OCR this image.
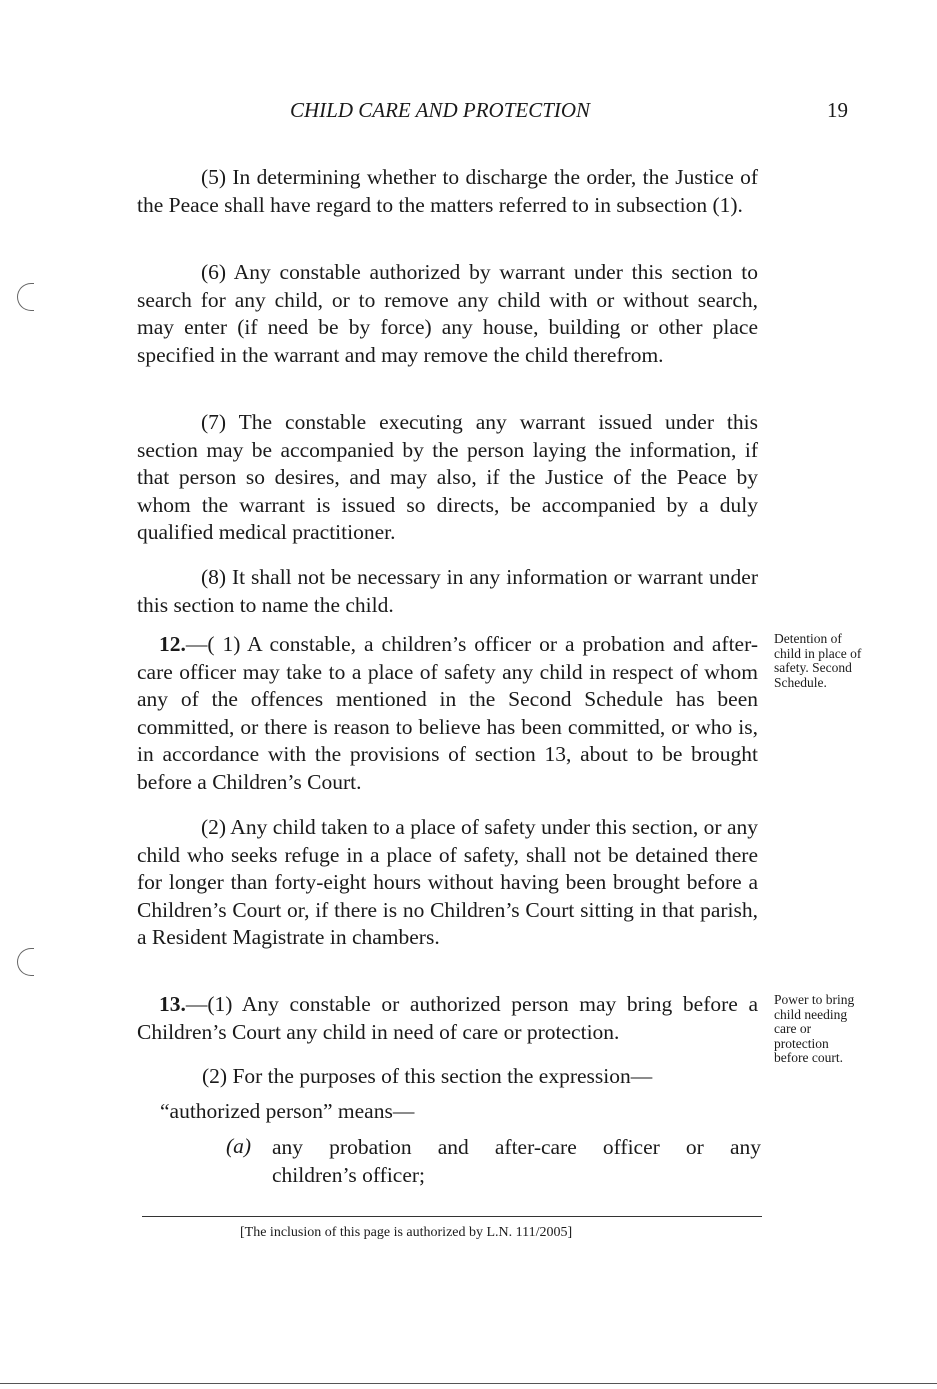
CHILD CARE AND PROTECTION	19
(5) In determining whether to discharge the order, the Justice of the Peace shall have regard to the matters referred to in subsection (1).
(6) Any constable authorized by warrant under this section to search for any child, or to remove any child with or without search, may enter (if need be by force) any house, building or other place specified in the warrant and may remove the child therefrom.
(7) The constable executing any warrant issued under this section may be accompanied by the person laying the information, if that person so desires, and may also, if the Justice of the Peace by whom the warrant is issued so directs, be accompanied by a duly qualified medical practitioner.
(8) It shall not be necessary in any information or warrant under this section to name the child.
12.—( 1) A constable, a children’s officer or a probation and after-care officer may take to a place of safety any child in respect of whom any of the offences mentioned in the Second Schedule has been committed, or there is reason to believe has been committed, or who is, in accordance with the provisions of section 13, about to be brought before a Children’s Court.
Detention of child in place of safety. Second Schedule.
(2) Any child taken to a place of safety under this section, or any child who seeks refuge in a place of safety, shall not be detained there for longer than forty-eight hours without having been brought before a Children’s Court or, if there is no Children’s Court sitting in that parish, a Resident Magistrate in chambers.
13.—(1) Any constable or authorized person may bring before a Children’s Court any child in need of care or protection.
Power to bring child needing care or protection before court.
(2) For the purposes of this section the expression—
“authorized person” means—
(a) any probation and after-care officer or any
children’s officer;
[The inclusion of this page is authorized by L.N. 111/2005]
